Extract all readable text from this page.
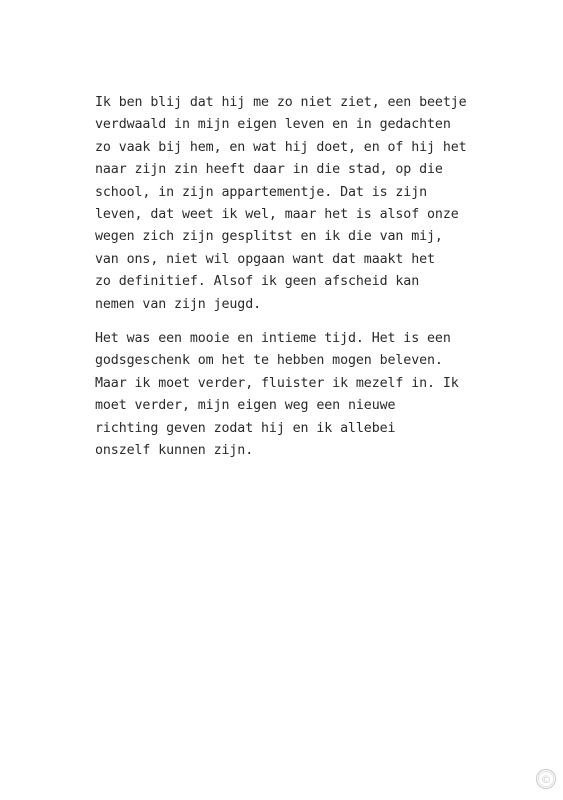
Ik ben blij dat hij me zo niet ziet, een beetje
verdwaald in mijn eigen leven en in gedachten
zo vaak bij hem, en wat hij doet, en of hij het
naar zijn zin heeft daar in die stad, op die
school, in zijn appartementje. Dat is zijn
leven, dat weet ik wel, maar het is alsof onze
wegen zich zijn gesplitst en ik die van mij,
van ons, niet wil opgaan want dat maakt het
zo definitief. Alsof ik geen afscheid kan
nemen van zijn jeugd.

Het was een mooie en intieme tijd. Het is een
godsgeschenk om het te hebben mogen beleven.
Maar ik moet verder, fluister ik mezelf in. Ik
moet verder, mijn eigen weg een nieuwe
richting geven zodat hij en ik allebei
onszelf kunnen zijn.

©
